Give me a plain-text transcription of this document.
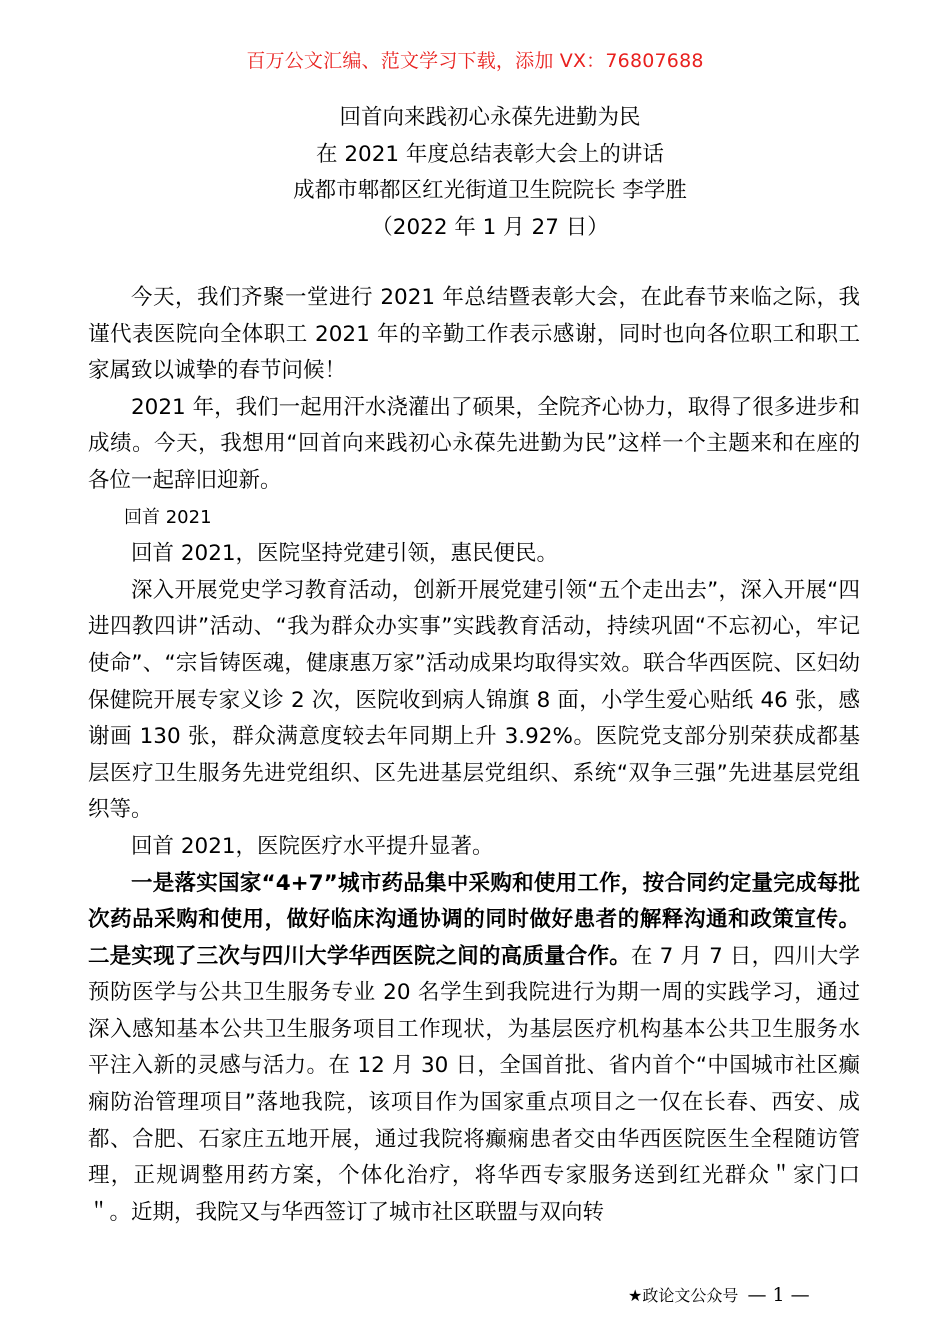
百万公文汇编、范文学习下载，添加 VX：76807688
回首向来践初心永葆先进勤为民
在 2021 年度总结表彰大会上的讲话
成都市郫都区红光街道卫生院院长 李学胜
（2022 年 1 月 27 日）

今天，我们齐聚一堂进行 2021 年总结暨表彰大会，在此春节来临之际，我谨代表医院向全体职工 2021 年的辛勤工作表示感谢，同时也向各位职工和职工家属致以诚挚的春节问候！

2021 年，我们一起用汗水浇灌出了硕果，全院齐心协力，取得了很多进步和成绩。今天，我想用“回首向来践初心永葆先进勤为民”这样一个主题来和在座的各位一起辞旧迎新。

回首 2021

回首 2021，医院坚持党建引领，惠民便民。

深入开展党史学习教育活动，创新开展党建引领“五个走出去”，深入开展“四进四教四讲”活动、“我为群众办实事”实践教育活动，持续巩固“不忘初心，牢记使命”、“宗旨铸医魂，健康惠万家”活动成果均取得实效。联合华西医院、区妇幼保健院开展专家义诊 2 次，医院收到病人锦旗 8 面，小学生爱心贴纸 46 张，感谢画 130 张，群众满意度较去年同期上升 3.92%。医院党支部分别荣获成都基层医疗卫生服务先进党组织、区先进基层党组织、系统“双争三强”先进基层党组织等。

回首 2021，医院医疗水平提升显著。

一是落实国家“4+7”城市药品集中采购和使用工作，按合同约定量完成每批次药品采购和使用，做好临床沟通协调的同时做好患者的解释沟通和政策宣传。二是实现了三次与四川大学华西医院之间的高质量合作。在 7 月 7 日，四川大学预防医学与公共卫生服务专业 20 名学生到我院进行为期一周的实践学习，通过深入感知基本公共卫生服务项目工作现状，为基层医疗机构基本公共卫生服务水平注入新的灵感与活力。在 12 月 30 日，全国首批、省内首个“中国城市社区癫痫防治管理项目”落地我院，该项目作为国家重点项目之一仅在长春、西安、成都、合肥、石家庄五地开展，通过我院将癫痫患者交由华西医院医生全程随访管理，正规调整用药方案，个体化治疗，将华西专家服务送到红光群众＂家门口＂。近期，我院又与华西签订了城市社区联盟与双向转

★政论文公众号 — 1 —
